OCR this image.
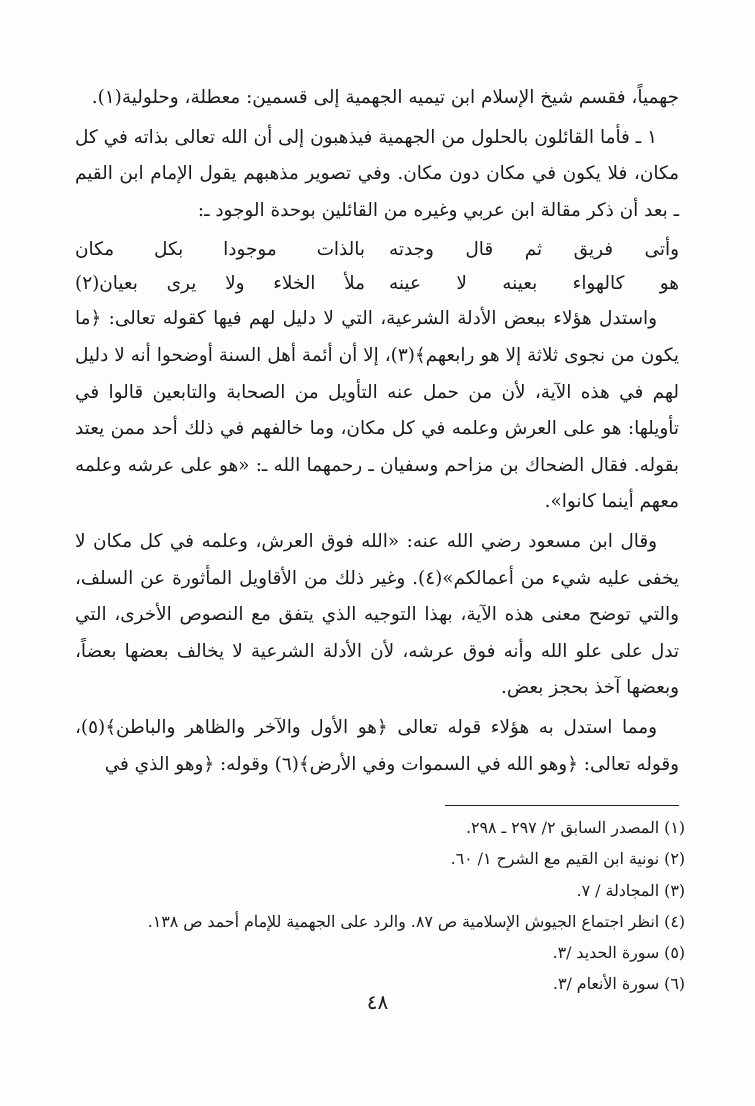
جهمياً، فقسم شيخ الإسلام ابن تيميه الجهمية إلى قسمين: معطلة، وحلولية(١).

١ ـ فأما القائلون بالحلول من الجهمية فيذهبون إلى أن الله تعالى بذاته في كل مكان، فلا يكون في مكان دون مكان. وفي تصوير مذهبهم يقول الإمام ابن القيم ـ بعد أن ذكر مقالة ابن عربي وغيره من القائلين بوحدة الوجود ـ:

وأتى فريق ثم قال وجدته
بالذات موجودا بكل مكان
هو كالهواء بعينه لا عينه
ملأ الخلاء ولا يرى بعيان(٢)

واستدل هؤلاء ببعض الأدلة الشرعية، التي لا دليل لهم فيها كقوله تعالى: ﴿ما يكون من نجوى ثلاثة إلا هو رابعهم﴾(٣)، إلا أن أئمة أهل السنة أوضحوا أنه لا دليل لهم في هذه الآية، لأن من حمل عنه التأويل من الصحابة والتابعين قالوا في تأويلها: هو على العرش وعلمه في كل مكان، وما خالفهم في ذلك أحد ممن يعتد بقوله. فقال الضحاك بن مزاحم وسفيان ـ رحمهما الله ـ: «هو على عرشه وعلمه معهم أينما كانوا».

وقال ابن مسعود رضي الله عنه: «الله فوق العرش، وعلمه في كل مكان لا يخفى عليه شيء من أعمالكم»(٤). وغير ذلك من الأقاويل المأثورة عن السلف، والتي توضح معنى هذه الآية، بهذا التوجيه الذي يتفق مع النصوص الأخرى، التي تدل على علو الله وأنه فوق عرشه، لأن الأدلة الشرعية لا يخالف بعضها بعضاً، وبعضها آخذ بحجز بعض.

ومما استدل به هؤلاء قوله تعالى ﴿هو الأول والآخر والظاهر والباطن﴾(٥)، وقوله تعالى: ﴿وهو الله في السموات وفي الأرض﴾(٦) وقوله: ﴿وهو الذي في

(١) المصدر السابق ٢/ ٢٩٧ ـ ٢٩٨.
(٢) نونية ابن القيم مع الشرح ١/ ٦٠.
(٣) المجادلة / ٧.
(٤) انظر اجتماع الجيوش الإسلامية ص ٨٧. والرد على الجهمية للإمام أحمد ص ١٣٨.
(٥) سورة الحديد /٣.
(٦) سورة الأنعام /٣.
٤٨
